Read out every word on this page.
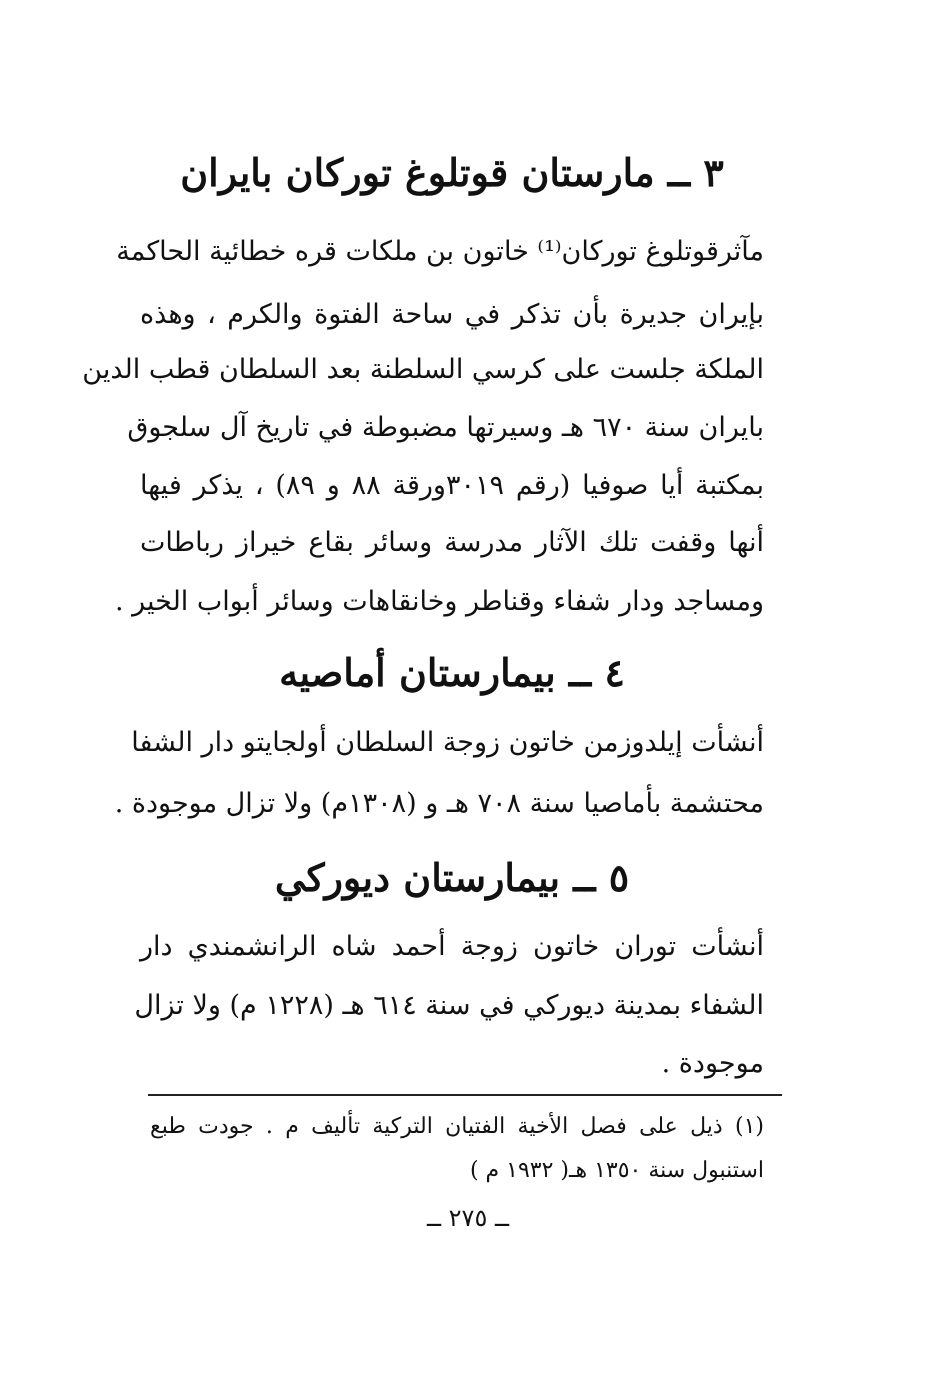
٣ ــ مارستان قوتلوغ توركان بايران
مآثرقوتلوغ توركان⁽¹⁾ خاتون بن ملكات قره خطائية الحاكمة
بإيران جديرة بأن تذكر في ساحة الفتوة والكرم ، وهذه
الملكة جلست على كرسي السلطنة بعد السلطان قطب الدين
بايران سنة ٦٧٠ هـ وسيرتها مضبوطة في تاريخ آل سلجوق
بمكتبة أيا صوفيا (رقم ٣٠١٩ورقة ٨٨ و ٨٩) ، يذكر فيها
أنها وقفت تلك الآثار مدرسة وسائر بقاع خيراز رباطات
ومساجد ودار شفاء وقناطر وخانقاهات وسائر أبواب الخير .
٤ ــ بيمارستان أماصيه
أنشأت إيلدوزمن خاتون زوجة السلطان أولجايتو دار الشفا
محتشمة بأماصيا سنة ٧٠٨ هـ و (١٣٠٨م) ولا تزال موجودة .
٥ ــ بيمارستان ديوركي
أنشأت توران خاتون زوجة أحمد شاه الرانشمندي دار
الشفاء بمدينة ديوركي في سنة ٦١٤ هـ (١٢٢٨ م) ولا تزال
موجودة .
(١) ذيل على فصل الأخية الفتيان التركية تأليف م . جودت طبع
استنبول سنة ١٣٥٠ هـ( ١٩٣٢ م )
ــ ٢٧٥ ــ
